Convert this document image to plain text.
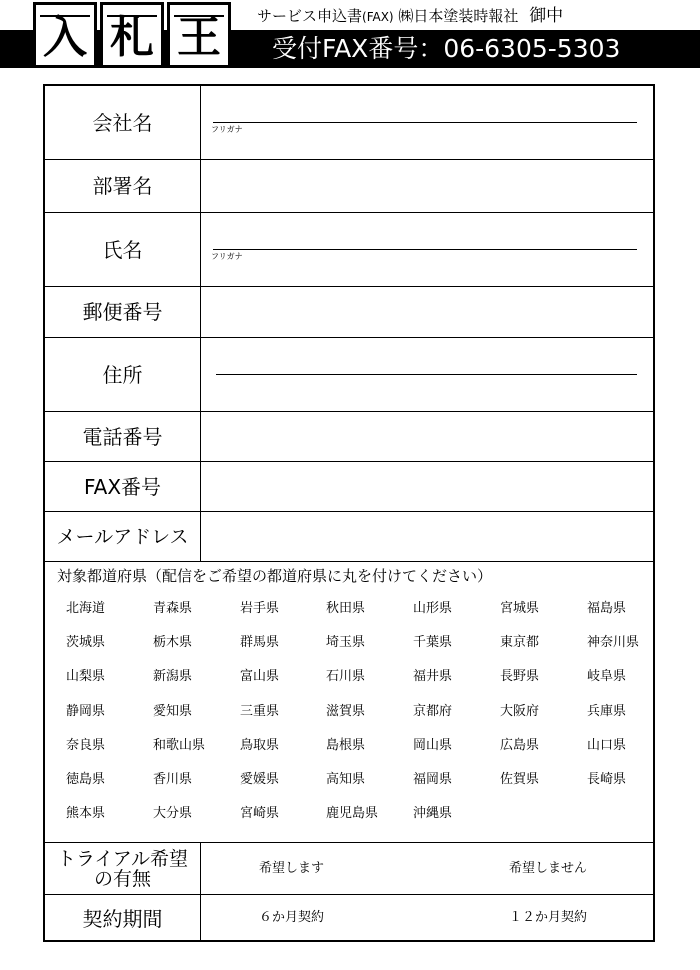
入 札 王	サービス申込書(FAX) ㈱日本塗装時報社 御中
受付FAX番号：06-6305-5303
会社名	フリガナ
部署名
氏名	フリガナ
郵便番号
住所
電話番号
FAX番号
メールアドレス
対象都道府県（配信をご希望の都道府県に丸を付けてください）
北海道	青森県	岩手県	秋田県	山形県	宮城県	福島県
茨城県	栃木県	群馬県	埼玉県	千葉県	東京都	神奈川県
山梨県	新潟県	富山県	石川県	福井県	長野県	岐阜県
静岡県	愛知県	三重県	滋賀県	京都府	大阪府	兵庫県
奈良県	和歌山県	鳥取県	島根県	岡山県	広島県	山口県
徳島県	香川県	愛媛県	高知県	福岡県	佐賀県	長崎県
熊本県	大分県	宮崎県	鹿児島県	沖縄県
トライアル希望
の有無	希望します	希望しません
契約期間	６か月契約	１２か月契約
